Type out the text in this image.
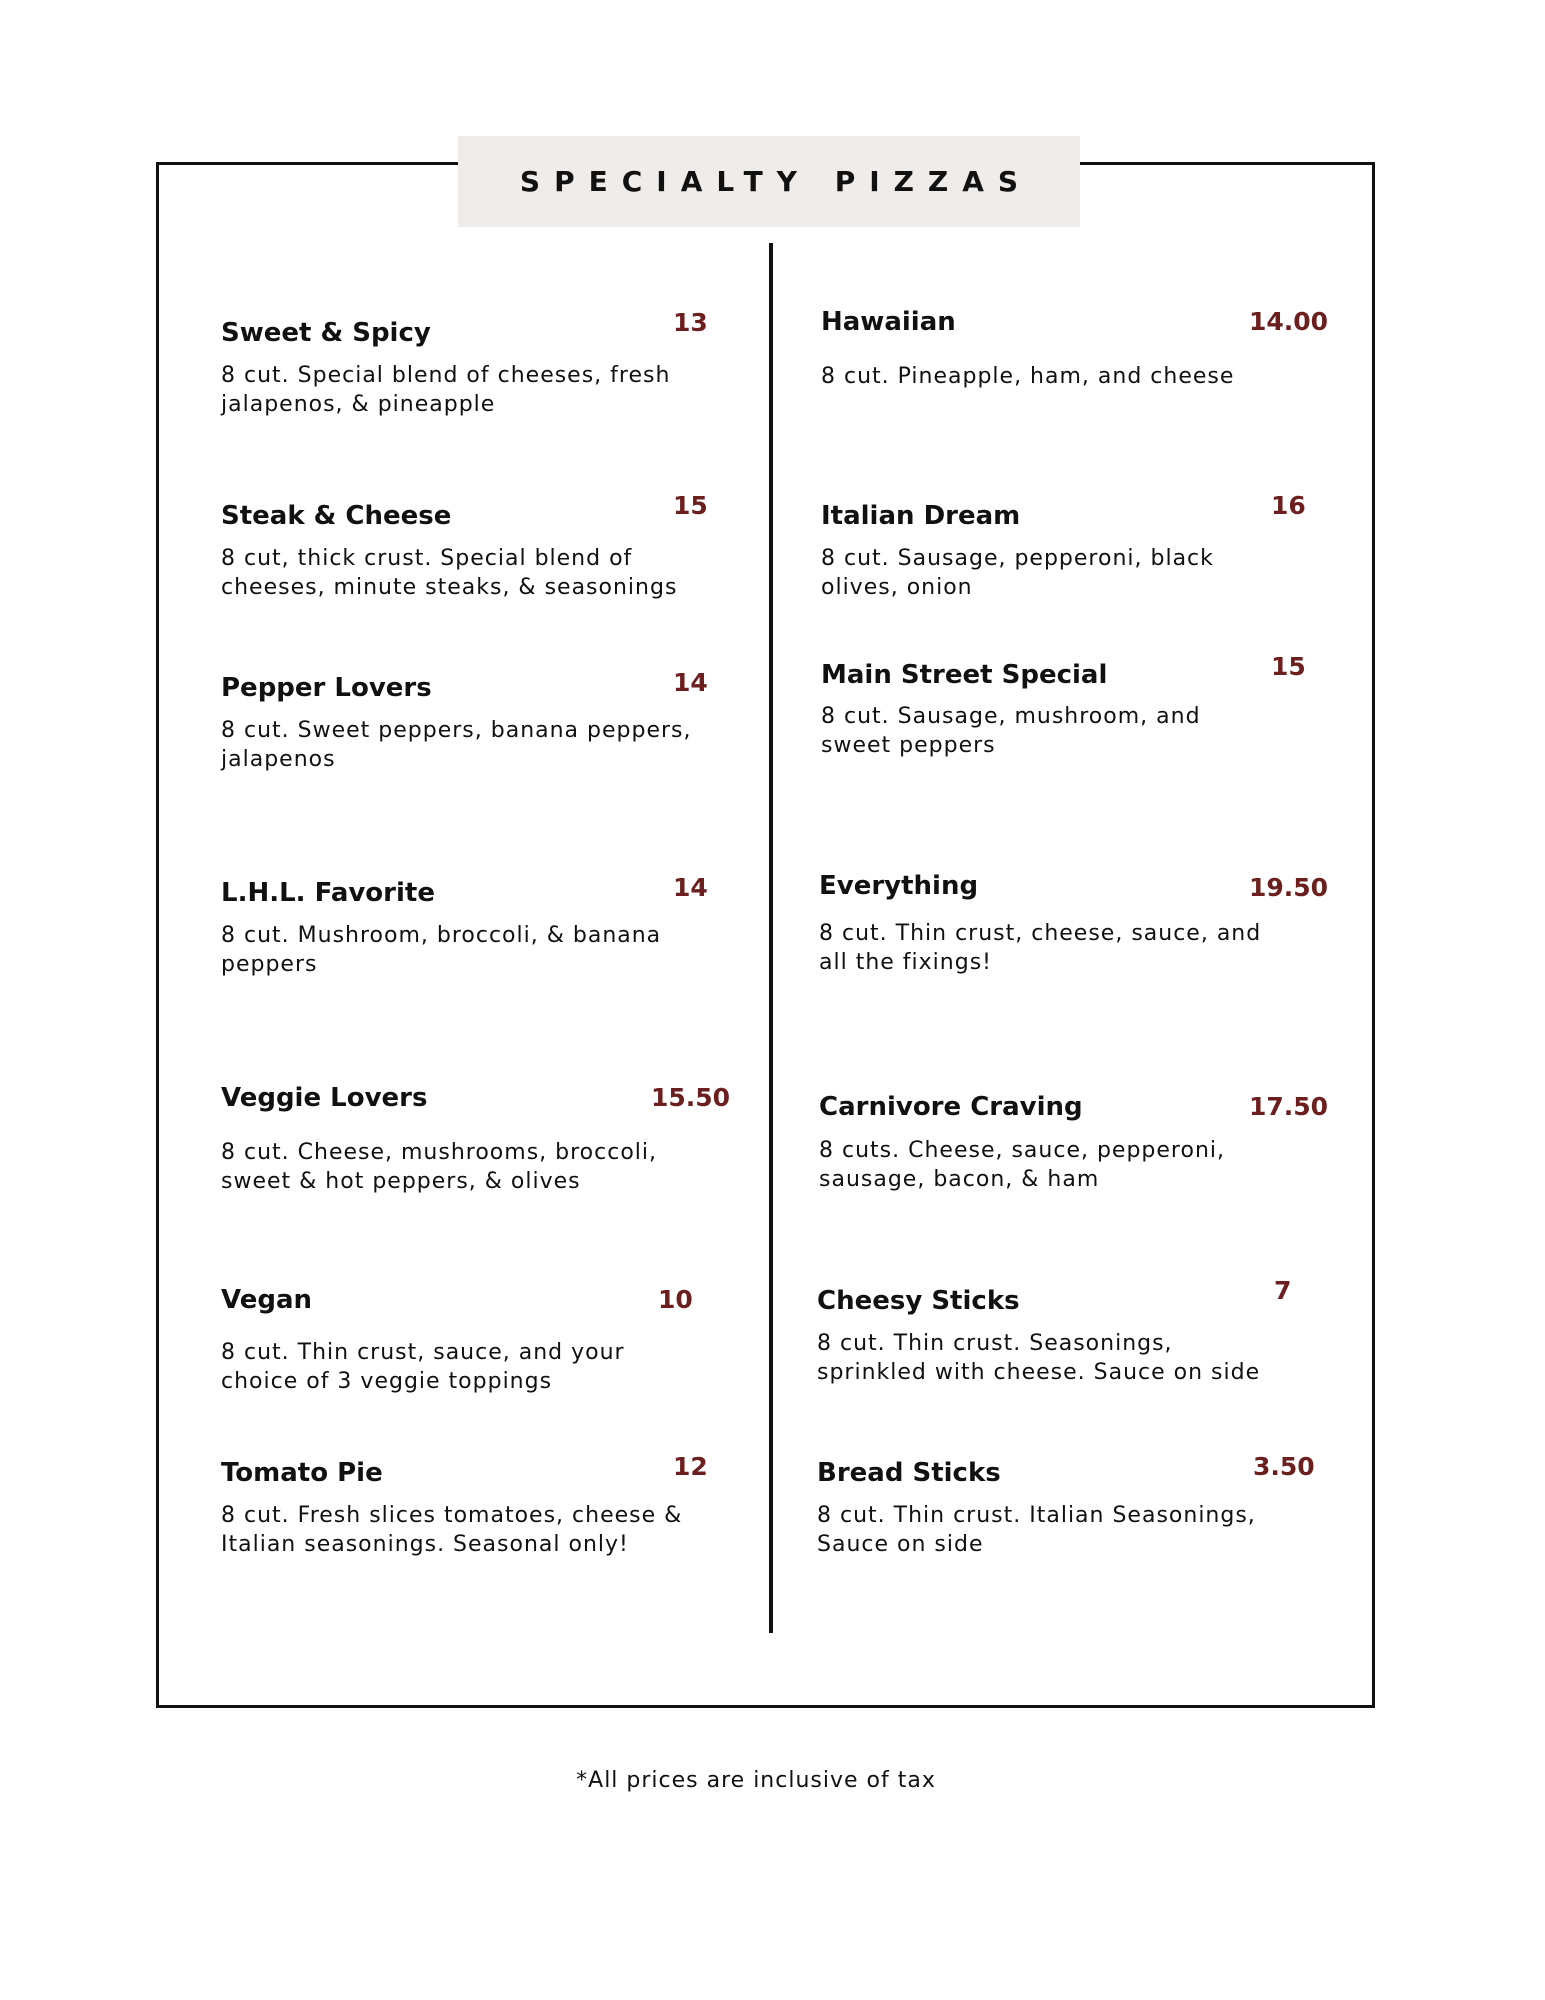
SPECIALTY PIZZAS
Sweet & Spicy	13
8 cut. Special blend of cheeses, fresh jalapenos, & pineapple
Steak & Cheese	15
8 cut, thick crust. Special blend of cheeses, minute steaks, & seasonings
Pepper Lovers	14
8 cut. Sweet peppers, banana peppers, jalapenos
L.H.L. Favorite	14
8 cut. Mushroom, broccoli, & banana peppers
Veggie Lovers	15.50
8 cut. Cheese, mushrooms, broccoli, sweet & hot peppers, & olives
Vegan	10
8 cut. Thin crust, sauce, and your choice of 3 veggie toppings
Tomato Pie	12
8 cut. Fresh slices tomatoes, cheese & Italian seasonings. Seasonal only!
Hawaiian	14.00
8 cut. Pineapple, ham, and cheese
Italian Dream	16
8 cut. Sausage, pepperoni, black olives, onion
Main Street Special	15
8 cut. Sausage, mushroom, and sweet peppers
Everything	19.50
8 cut. Thin crust, cheese, sauce, and all the fixings!
Carnivore Craving	17.50
8 cuts. Cheese, sauce, pepperoni, sausage, bacon, & ham
Cheesy Sticks	7
8 cut. Thin crust. Seasonings, sprinkled with cheese. Sauce on side
Bread Sticks	3.50
8 cut. Thin crust. Italian Seasonings, Sauce on side
*All prices are inclusive of tax
